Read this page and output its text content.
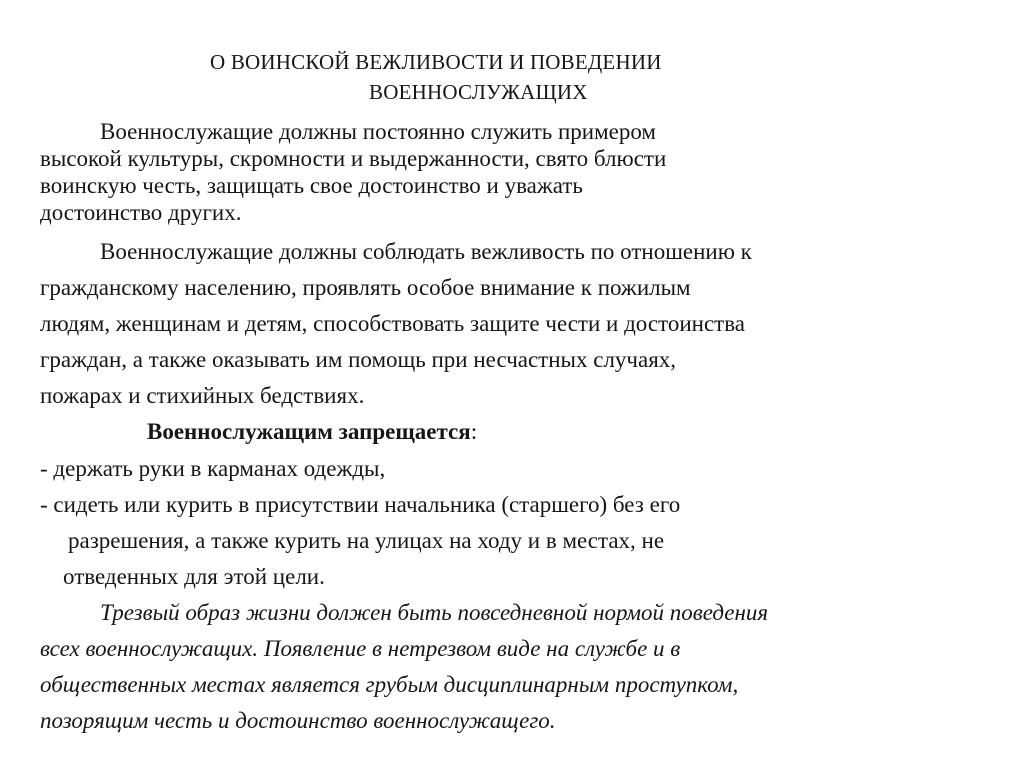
О ВОИНСКОЙ ВЕЖЛИВОСТИ И ПОВЕДЕНИИ
ВОЕННОСЛУЖАЩИХ
Военнослужащие должны постоянно служить примером
высокой культуры, скромности и выдержанности, свято блюсти
воинскую честь, защищать свое достоинство и уважать
достоинство других.
Военнослужащие должны соблюдать вежливость по отношению к
гражданскому населению, проявлять особое внимание к пожилым
людям, женщинам и детям, способствовать защите чести и достоинства
граждан, а также оказывать им помощь при несчастных случаях,
пожарах и стихийных бедствиях.
Военнослужащим запрещается:
- держать руки в карманах одежды,
- сидеть или курить в присутствии начальника (старшего) без его
разрешения, а также курить на улицах на ходу и в местах, не
отведенных для этой цели.
Трезвый образ жизни должен быть повседневной нормой поведения
всех военнослужащих. Появление в нетрезвом виде на службе и в
общественных местах является грубым дисциплинарным проступком,
позорящим честь и достоинство военнослужащего.
